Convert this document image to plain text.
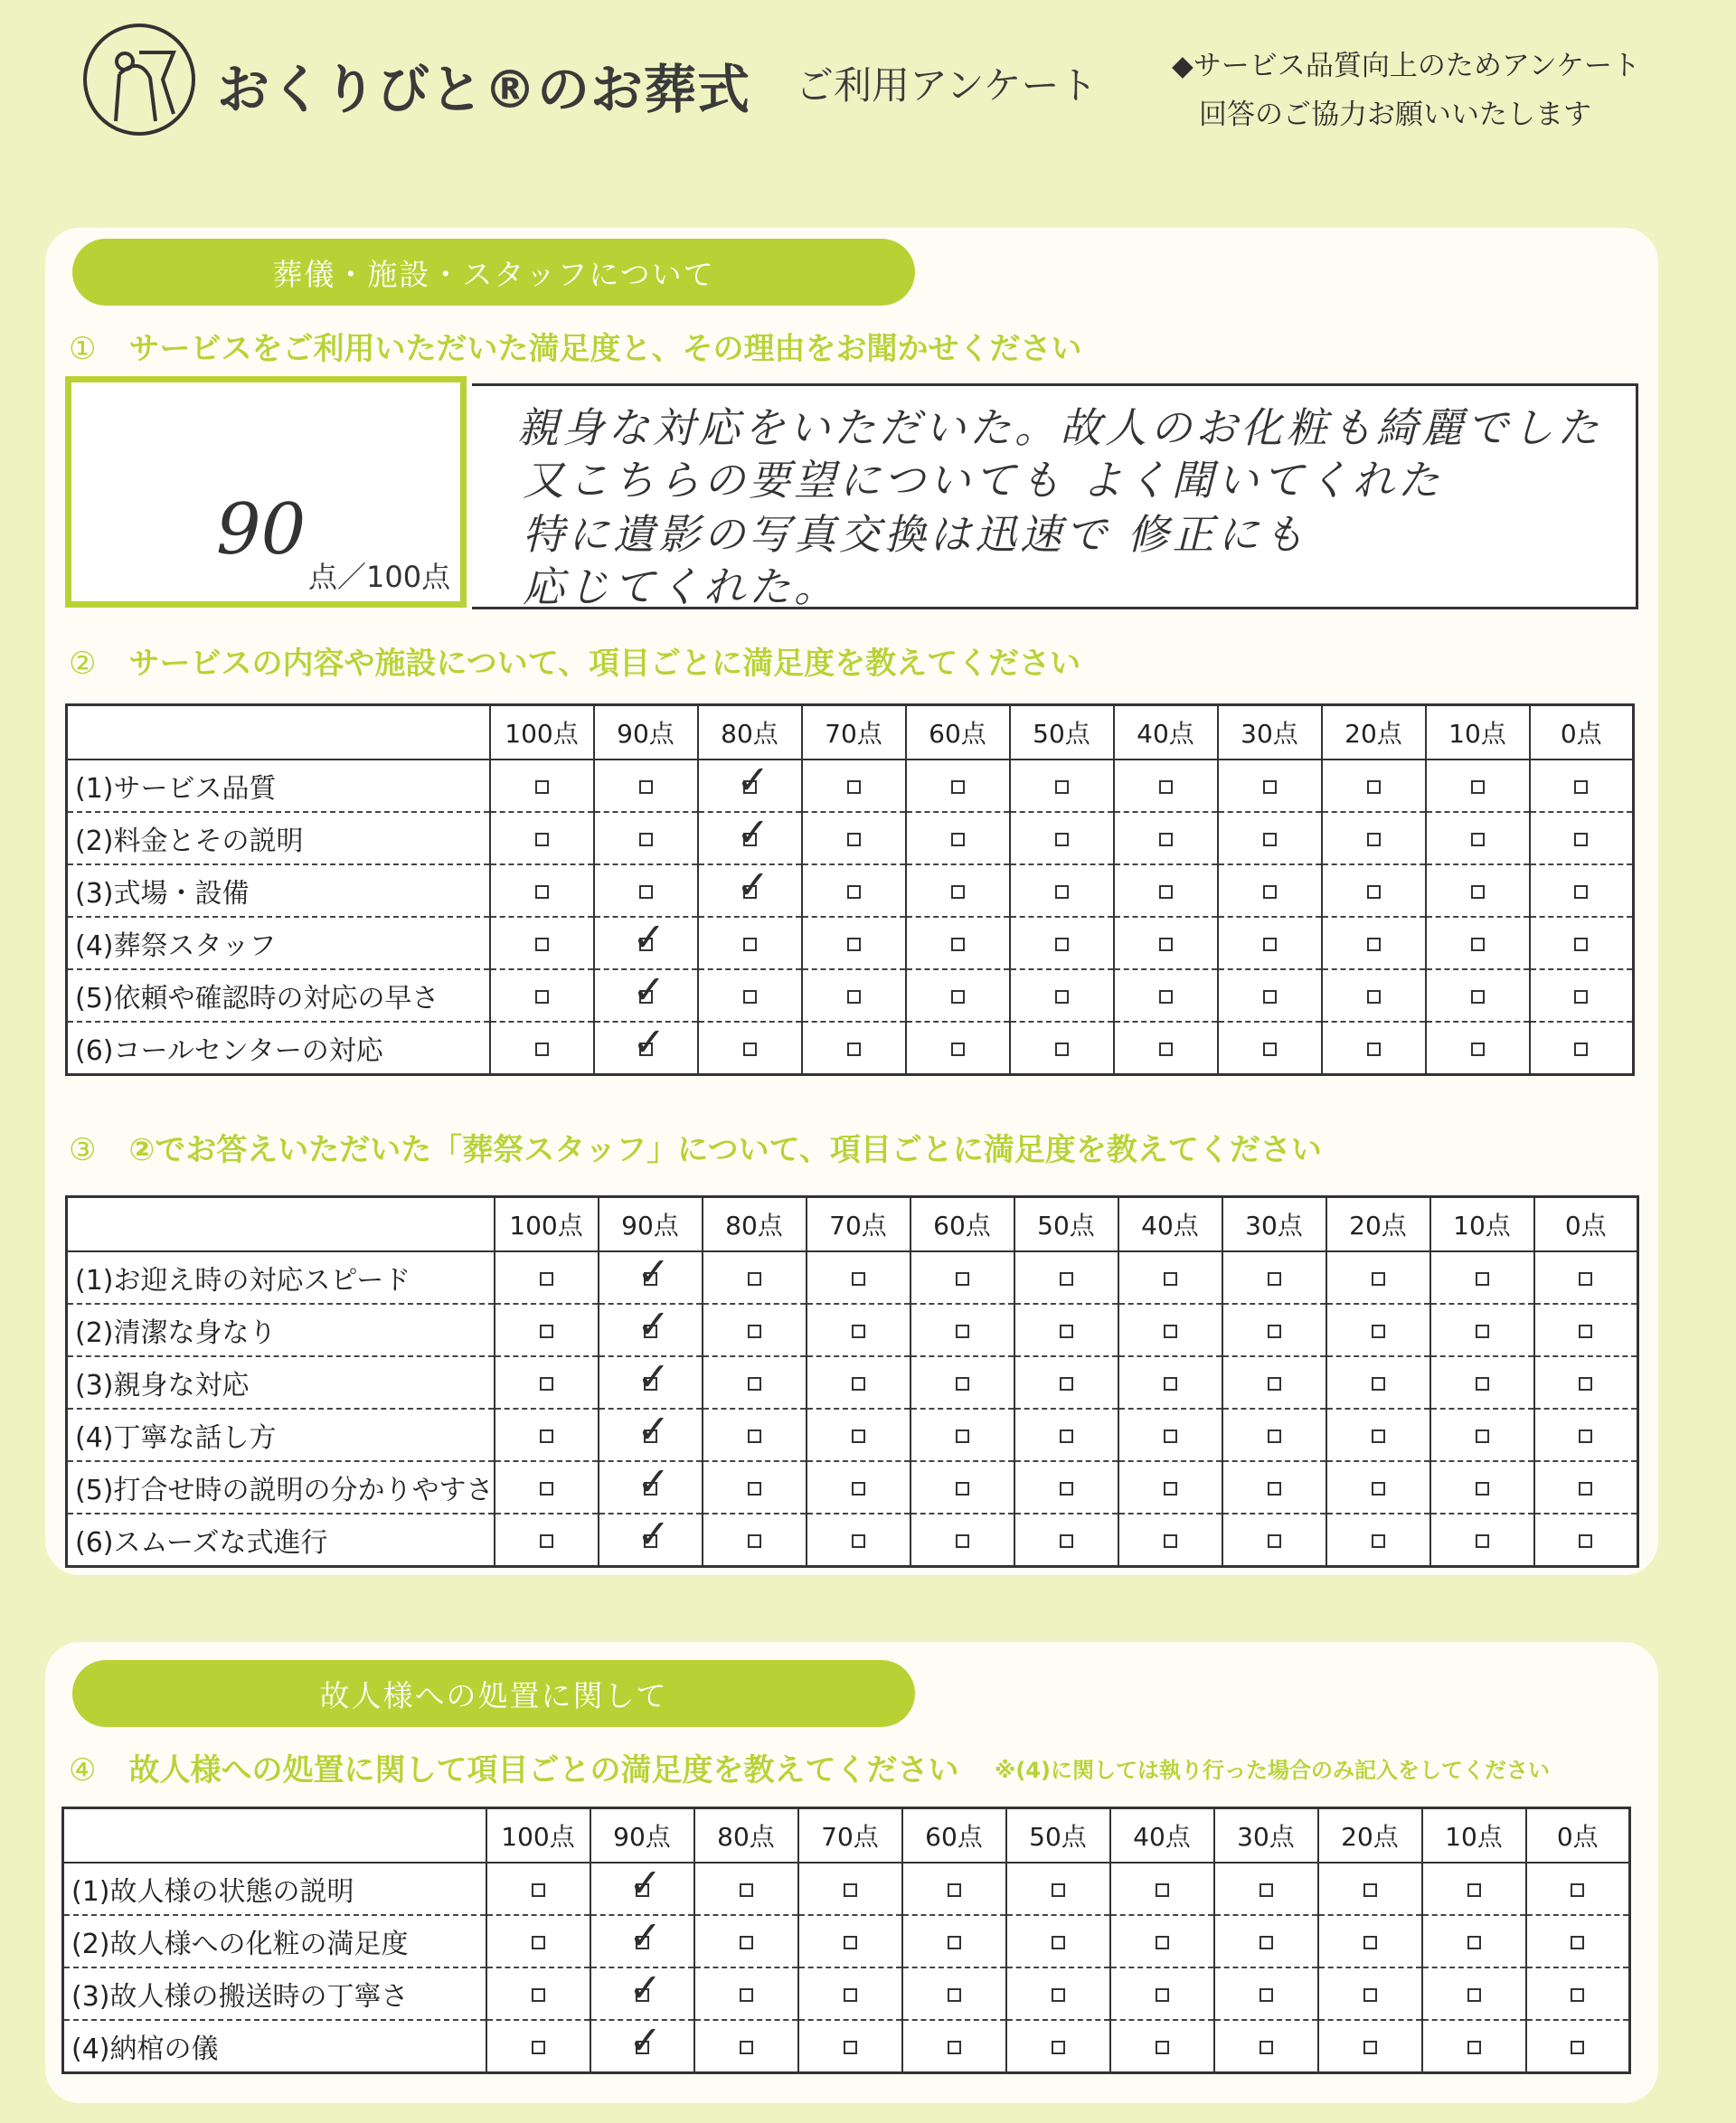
おくりびと®のお葬式 ご利用アンケート	◆サービス品質向上のためアンケート
回答のご協力お願いいたします
葬儀・施設・スタッフについて
① サービスをご利用いただいた満足度と、その理由をお聞かせください
90
点／100点
親身な対応をいただいた。故人のお化粧も綺麗でした
又こちらの要望についても よく聞いてくれた
特に遺影の写真交換は迅速で 修正にも
応じてくれた。
② サービスの内容や施設について、項目ごとに満足度を教えてください
	100点	90点	80点	70点	60点	50点	40点	30点	20点	10点	0点
(1)サービス品質			✓								

(2)料金とその説明			✓								

(3)式場・設備			✓								

(4)葬祭スタッフ		✓									

(5)依頼や確認時の対応の早さ		✓									

(6)コールセンターの対応		✓									

③ ②でお答えいただいた「葬祭スタッフ」について、項目ごとに満足度を教えてください
	100点	90点	80点	70点	60点	50点	40点	30点	20点	10点	0点
(1)お迎え時の対応スピード		✓									

(2)清潔な身なり		✓									

(3)親身な対応		✓									

(4)丁寧な話し方		✓									

(5)打合せ時の説明の分かりやすさ		✓									

(6)スムーズな式進行		✓									

故人様への処置に関して
④ 故人様への処置に関して項目ごとの満足度を教えてください ※(4)に関しては執り行った場合のみ記入をしてください
	100点	90点	80点	70点	60点	50点	40点	30点	20点	10点	0点
(1)故人様の状態の説明		✓									

(2)故人様への化粧の満足度		✓									

(3)故人様の搬送時の丁寧さ		✓									

(4)納棺の儀		✓									
